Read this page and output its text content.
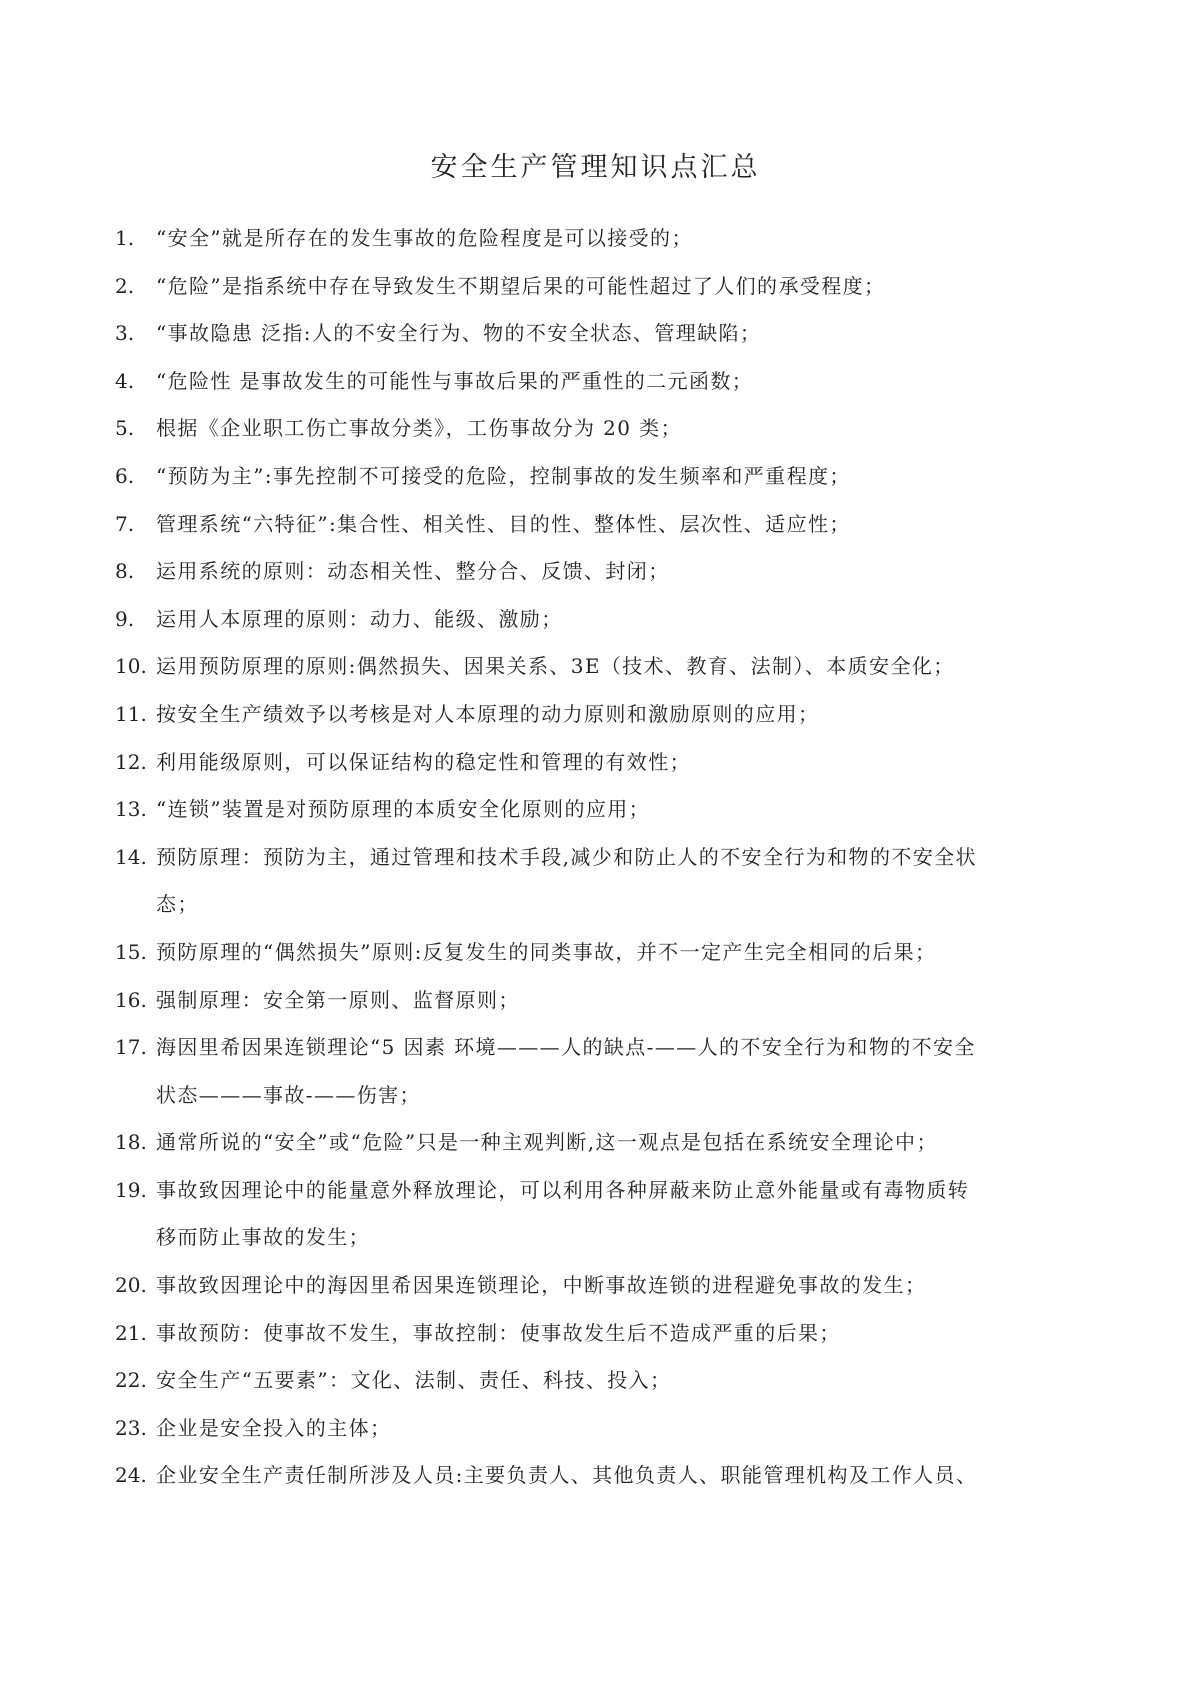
安全生产管理知识点汇总
1.	“安全”就是所存在的发生事故的危险程度是可以接受的；
2.	“危险”是指系统中存在导致发生不期望后果的可能性超过了人们的承受程度；
3.	“事故隐患 泛指:人的不安全行为、物的不安全状态、管理缺陷；
4.	“危险性 是事故发生的可能性与事故后果的严重性的二元函数；
5.	根据《企业职工伤亡事故分类》，工伤事故分为 20 类；
6.	“预防为主”:事先控制不可接受的危险，控制事故的发生频率和严重程度；
7.	管理系统“六特征”:集合性、相关性、目的性、整体性、层次性、适应性；
8.	运用系统的原则：动态相关性、整分合、反馈、封闭；
9.	运用人本原理的原则：动力、能级、激励；
10. 运用预防原理的原则:偶然损失、因果关系、3E（技术、教育、法制）、本质安全化；
11. 按安全生产绩效予以考核是对人本原理的动力原则和激励原则的应用；
12. 利用能级原则，可以保证结构的稳定性和管理的有效性；
13. “连锁”装置是对预防原理的本质安全化原则的应用；
14. 预防原理：预防为主，通过管理和技术手段,减少和防止人的不安全行为和物的不安全状
态；
15. 预防原理的“偶然损失”原则:反复发生的同类事故，并不一定产生完全相同的后果；
16. 强制原理：安全第一原则、监督原则；
17. 海因里希因果连锁理论“5 因素 环境———人的缺点-——人的不安全行为和物的不安全
状态———事故-——伤害；
18. 通常所说的“安全”或“危险”只是一种主观判断,这一观点是包括在系统安全理论中；
19. 事故致因理论中的能量意外释放理论，可以利用各种屏蔽来防止意外能量或有毒物质转
移而防止事故的发生；
20. 事故致因理论中的海因里希因果连锁理论，中断事故连锁的进程避免事故的发生；
21. 事故预防：使事故不发生，事故控制：使事故发生后不造成严重的后果；
22. 安全生产“五要素”：文化、法制、责任、科技、投入；
23. 企业是安全投入的主体；
24. 企业安全生产责任制所涉及人员:主要负责人、其他负责人、职能管理机构及工作人员、
